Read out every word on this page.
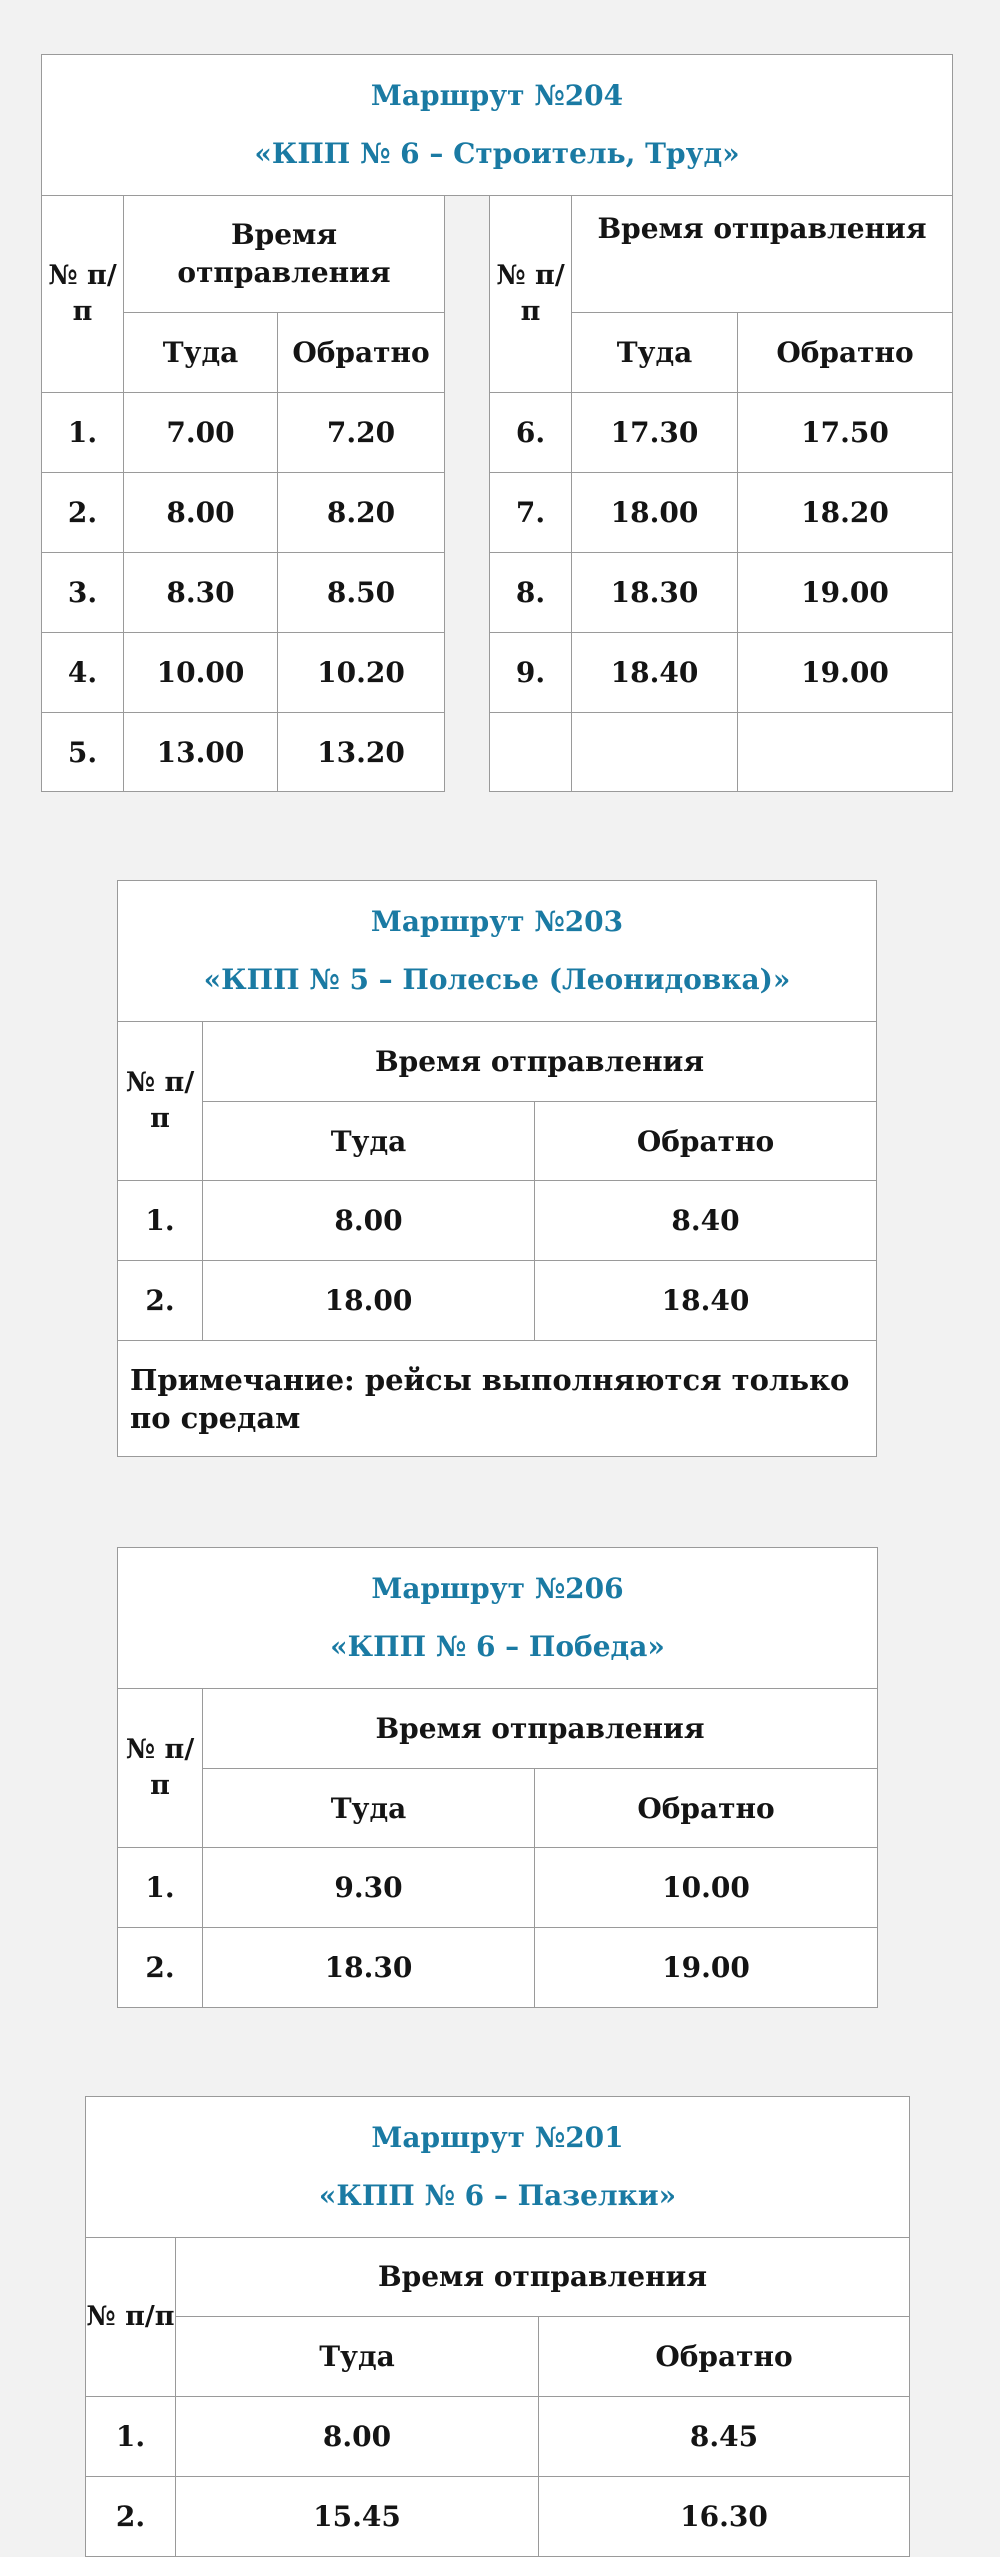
Маршрут №204
«КПП № 6 – Строитель, Труд»						

№ п/п	Время отправления			№ п/п	Время отправления	
	Туда	Обратно			Туда	Обратно
1.	7.00	7.20		6.	17.30	17.50
2.	8.00	8.20		7.	18.00	18.20
3.	8.30	8.50		8.	18.30	19.00
4.	10.00	10.20		9.	18.40	19.00
5.	13.00	13.20				
Маршрут №203
«КПП № 5 – Полесье (Леонидовка)»		

№ п/п	Время отправления	
	Туда	Обратно
1.	8.00	8.40
2.	18.00	18.40
Примечание: рейсы выполняются только по средам		
Маршрут №206
«КПП № 6 – Победа»		

№ п/п	Время отправления	
	Туда	Обратно
1.	9.30	10.00
2.	18.30	19.00
Маршрут №201
«КПП № 6 – Пазелки»		

№ п/п	Время отправления	
	Туда	Обратно
1.	8.00	8.45
2.	15.45	16.30
